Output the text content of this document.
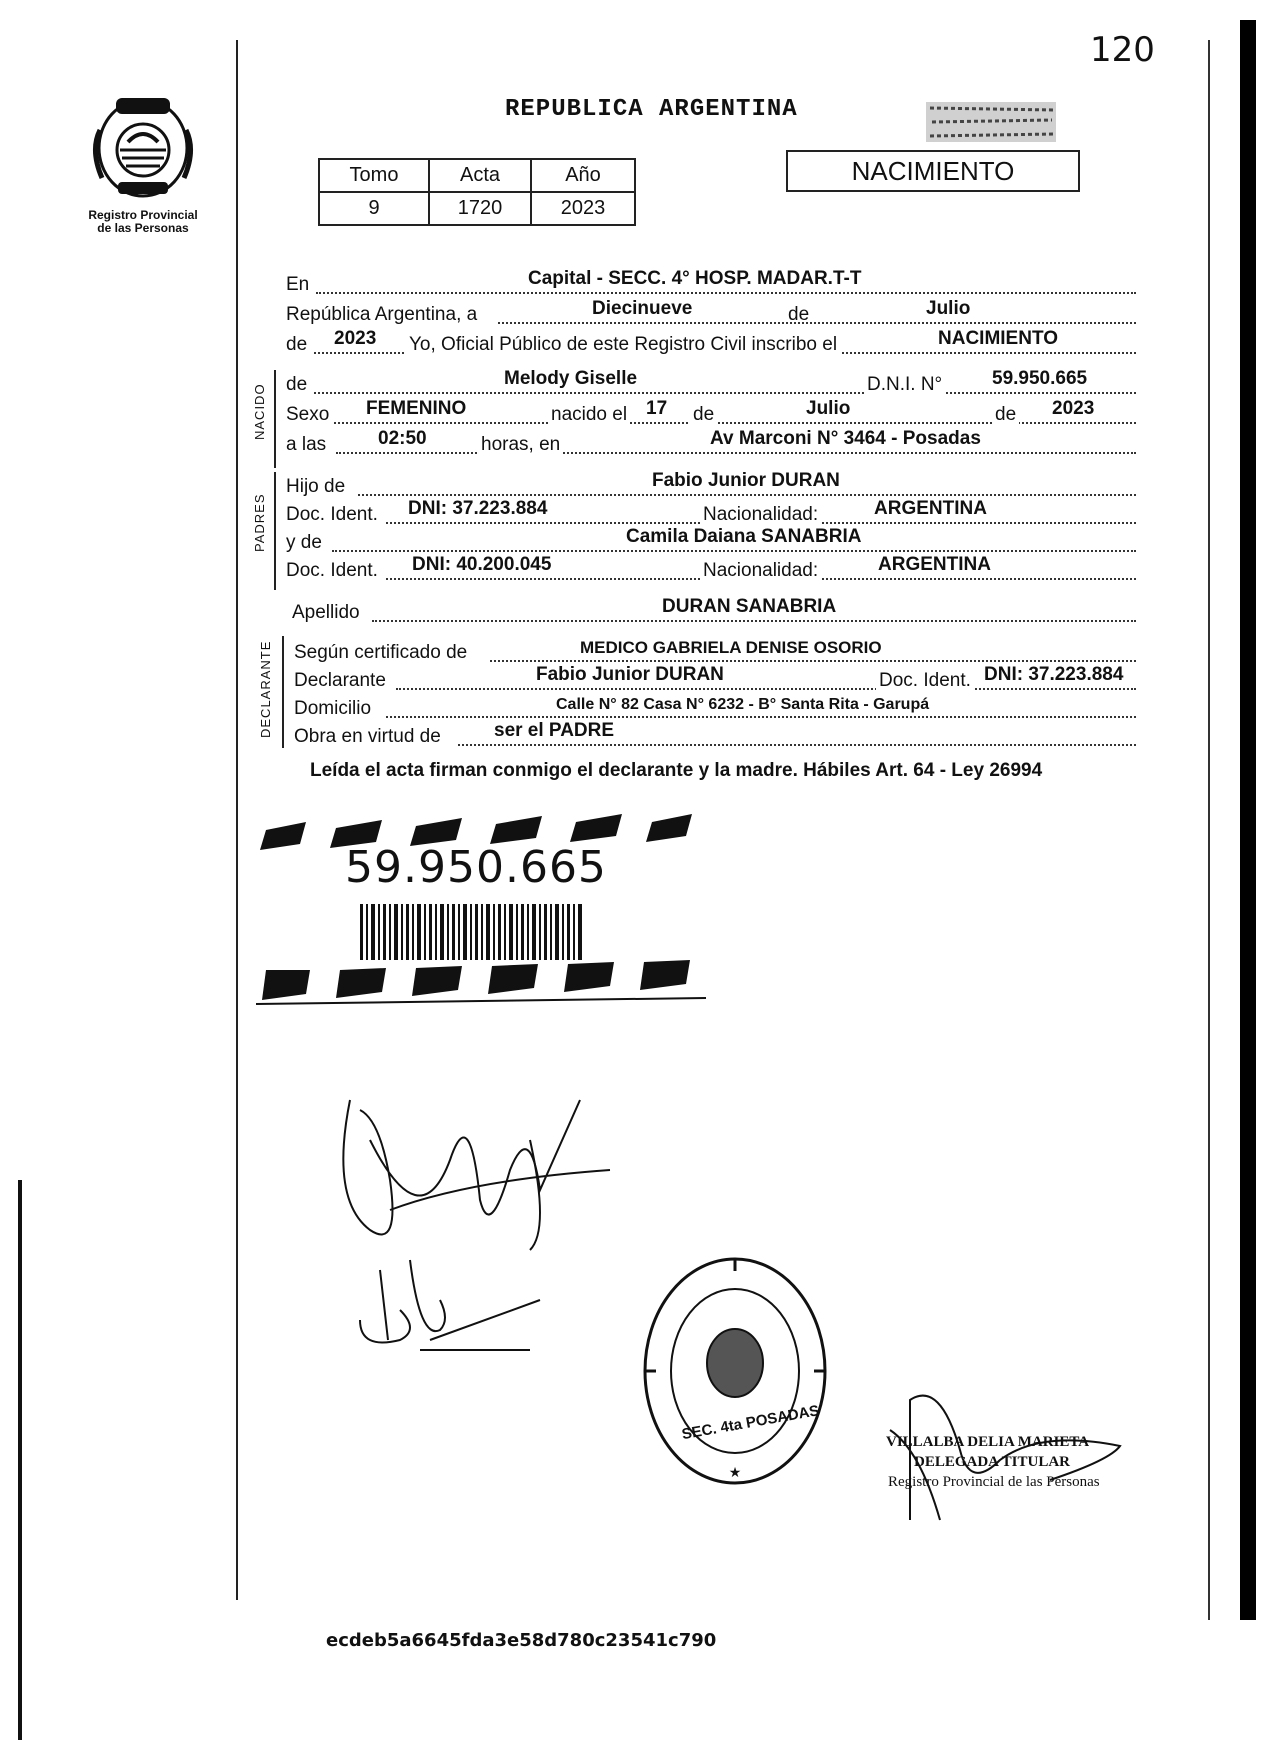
120
Registro Provincial
de las Personas
REPUBLICA ARGENTINA
Tomo	Acta	Año
9	1720	2023
NACIMIENTO
En	Capital - SECC. 4° HOSP. MADAR.T-T
República Argentina, a	Diecinueve	de	Julio
de 2023 Yo, Oficial Público de este Registro Civil inscribo el	NACIMIENTO
NACIDO de	Melody Giselle	D.N.I. N°	59.950.665
Sexo FEMENINO	nacido el 17 de	Julio	de 2023
a las	02:50	horas, en	Av Marconi N° 3464 - Posadas
PADRES
Hijo de	Fabio Junior DURAN
Doc. Ident. DNI: 37.223.884	Nacionalidad:	ARGENTINA
y de	Camila Daiana SANABRIA
Doc. Ident. DNI: 40.200.045	Nacionalidad:	ARGENTINA
Apellido	DURAN SANABRIA
DECLARANTE Según certificado de	MEDICO GABRIELA DENISE OSORIO
Declarante	Fabio Junior DURAN	Doc. Ident. DNI: 37.223.884
Domicilio	Calle N° 82 Casa N° 6232 - B° Santa Rita - Garupá
Obra en virtud de	ser el PADRE
Leída el acta firman conmigo el declarante y la madre. Hábiles Art. 64 - Ley 26994
59.950.665
SEC. 4ta POSADAS
★
VILLALBA DELIA MARIETA
DELEGADA TITULAR
Registro Provincial de las Personas
ecdeb5a6645fda3e58d780c23541c790
